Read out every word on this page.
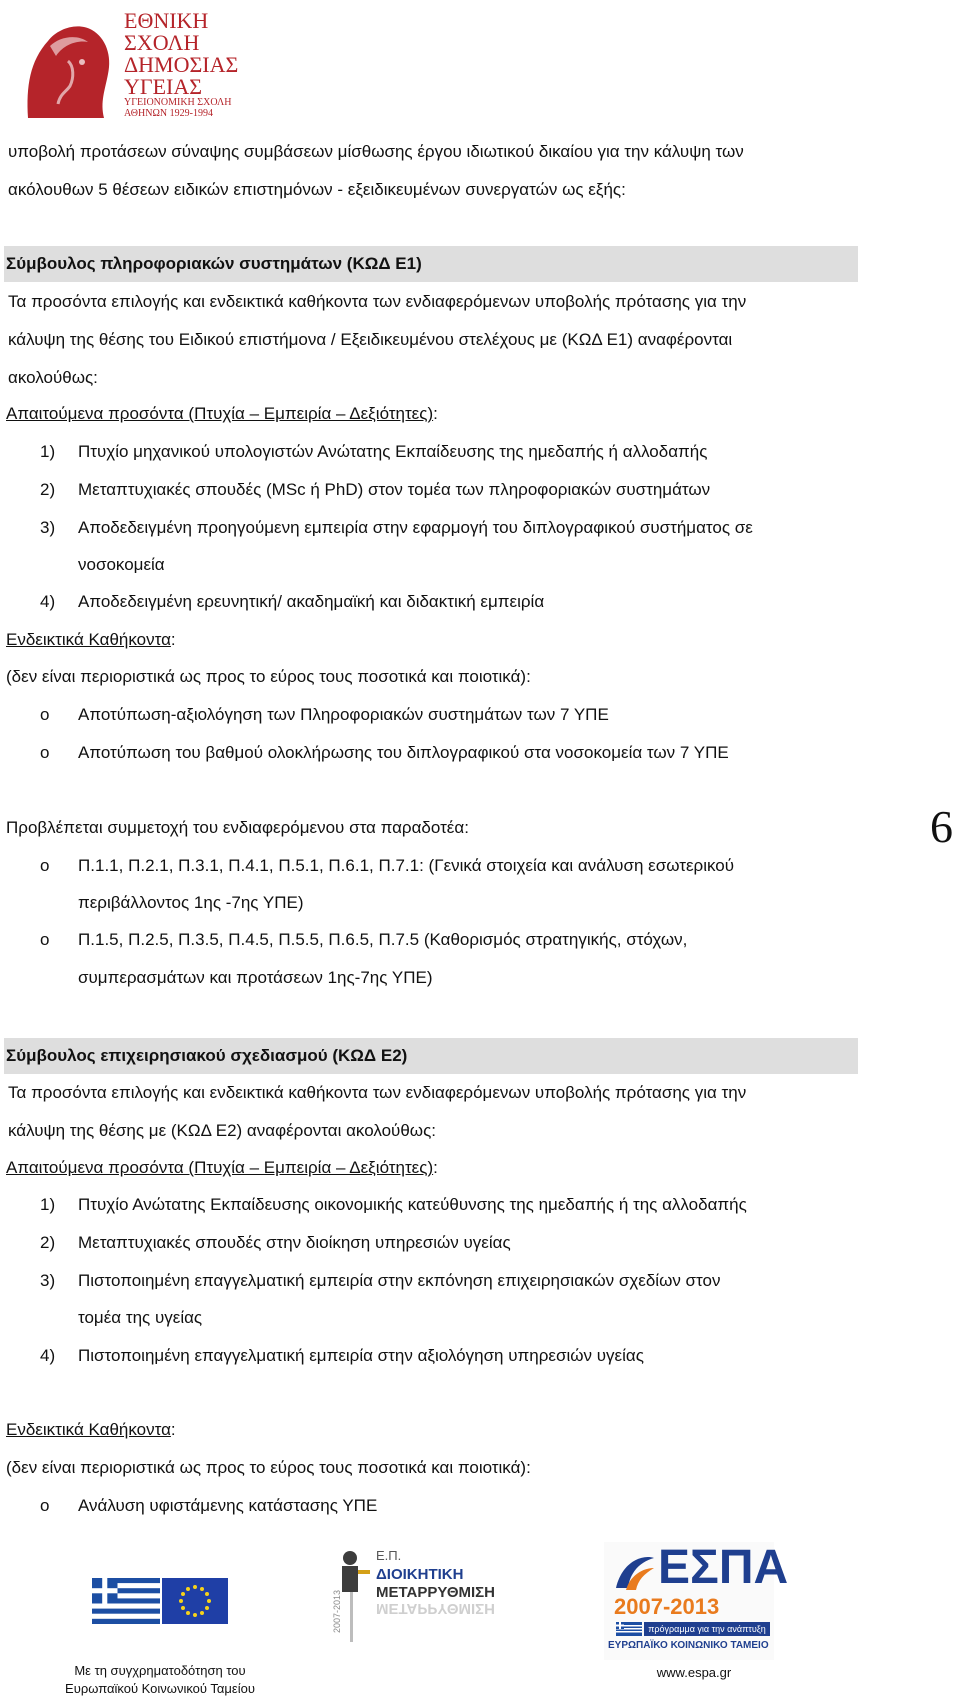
ΕΘΝΙΚΗ
ΣΧΟΛΗ
ΔΗΜΟΣΙΑΣ
ΥΓΕΙΑΣ
ΥΓΕΙΟΝΟΜΙΚΗ ΣΧΟΛΗ
ΑΘΗΝΩΝ 1929-1994
υποβολή προτάσεων σύναψης συμβάσεων μίσθωσης έργου ιδιωτικού δικαίου για την κάλυψη των
ακόλουθων 5 θέσεων ειδικών επιστημόνων - εξειδικευμένων συνεργατών ως εξής:
Σύμβουλος πληροφοριακών συστημάτων (ΚΩΔ Ε1)
Τα προσόντα επιλογής και ενδεικτικά καθήκοντα των ενδιαφερόμενων υποβολής πρότασης για την
κάλυψη της θέσης του Ειδικού επιστήμονα / Εξειδικευμένου στελέχους με (ΚΩΔ Ε1) αναφέρονται
ακολούθως:
Απαιτούμενα προσόντα (Πτυχία – Εμπειρία – Δεξιότητες):
1) Πτυχίο μηχανικού υπολογιστών Ανώτατης Εκπαίδευσης της ημεδαπής ή αλλοδαπής
2) Μεταπτυχιακές σπουδές (MSc ή PhD) στον τομέα των πληροφοριακών συστημάτων
3) Αποδεδειγμένη προηγούμενη εμπειρία στην εφαρμογή του διπλογραφικού συστήματος σε
νοσοκομεία
4) Αποδεδειγμένη ερευνητική/ ακαδημαϊκή και διδακτική εμπειρία
Ενδεικτικά Καθήκοντα:
(δεν είναι περιοριστικά ως προς το εύρος τους ποσοτικά και ποιοτικά):
o Αποτύπωση-αξιολόγηση των Πληροφοριακών συστημάτων των 7 ΥΠΕ
o Αποτύπωση του βαθμού ολοκλήρωσης του διπλογραφικού στα νοσοκομεία των 7 ΥΠΕ
Προβλέπεται συμμετοχή του ενδιαφερόμενου στα παραδοτέα:
o Π.1.1, Π.2.1, Π.3.1, Π.4.1, Π.5.1, Π.6.1, Π.7.1: (Γενικά στοιχεία και ανάλυση εσωτερικού
περιβάλλοντος 1ης -7ης ΥΠΕ)
o Π.1.5, Π.2.5, Π.3.5, Π.4.5, Π.5.5, Π.6.5, Π.7.5 (Καθορισμός στρατηγικής, στόχων,
συμπερασμάτων και προτάσεων 1ης-7ης ΥΠΕ)
6
Σύμβουλος επιχειρησιακού σχεδιασμού (ΚΩΔ Ε2)
Τα προσόντα επιλογής και ενδεικτικά καθήκοντα των ενδιαφερόμενων υποβολής πρότασης για την
κάλυψη της θέσης με (ΚΩΔ Ε2) αναφέρονται ακολούθως:
Απαιτούμενα προσόντα (Πτυχία – Εμπειρία – Δεξιότητες):
1) Πτυχίο Ανώτατης Εκπαίδευσης οικονομικής κατεύθυνσης της ημεδαπής ή της αλλοδαπής
2) Μεταπτυχιακές σπουδές στην διοίκηση υπηρεσιών υγείας
3) Πιστοποιημένη επαγγελματική εμπειρία στην εκπόνηση επιχειρησιακών σχεδίων στον
τομέα της υγείας
4) Πιστοποιημένη επαγγελματική εμπειρία στην αξιολόγηση υπηρεσιών υγείας
Ενδεικτικά Καθήκοντα:
(δεν είναι περιοριστικά ως προς το εύρος τους ποσοτικά και ποιοτικά):
o Ανάλυση υφιστάμενης κατάστασης ΥΠΕ
Με τη συγχρηματοδότηση του
Ευρωπαϊκού Κοινωνικού Ταμείου
2007-2013
Ε.Π.
ΔΙΟΙΚΗΤΙΚΗ
ΜΕΤΑΡΡΥΘΜΙΣΗ
ΜΕΤΑΡΡΥΘΜΙΣΗ
ΕΣΠΑ
2007-2013
πρόγραμμα για την ανάπτυξη
ΕΥΡΩΠΑΪΚΟ ΚΟΙΝΩΝΙΚΟ ΤΑΜΕΙΟ
www.espa.gr
